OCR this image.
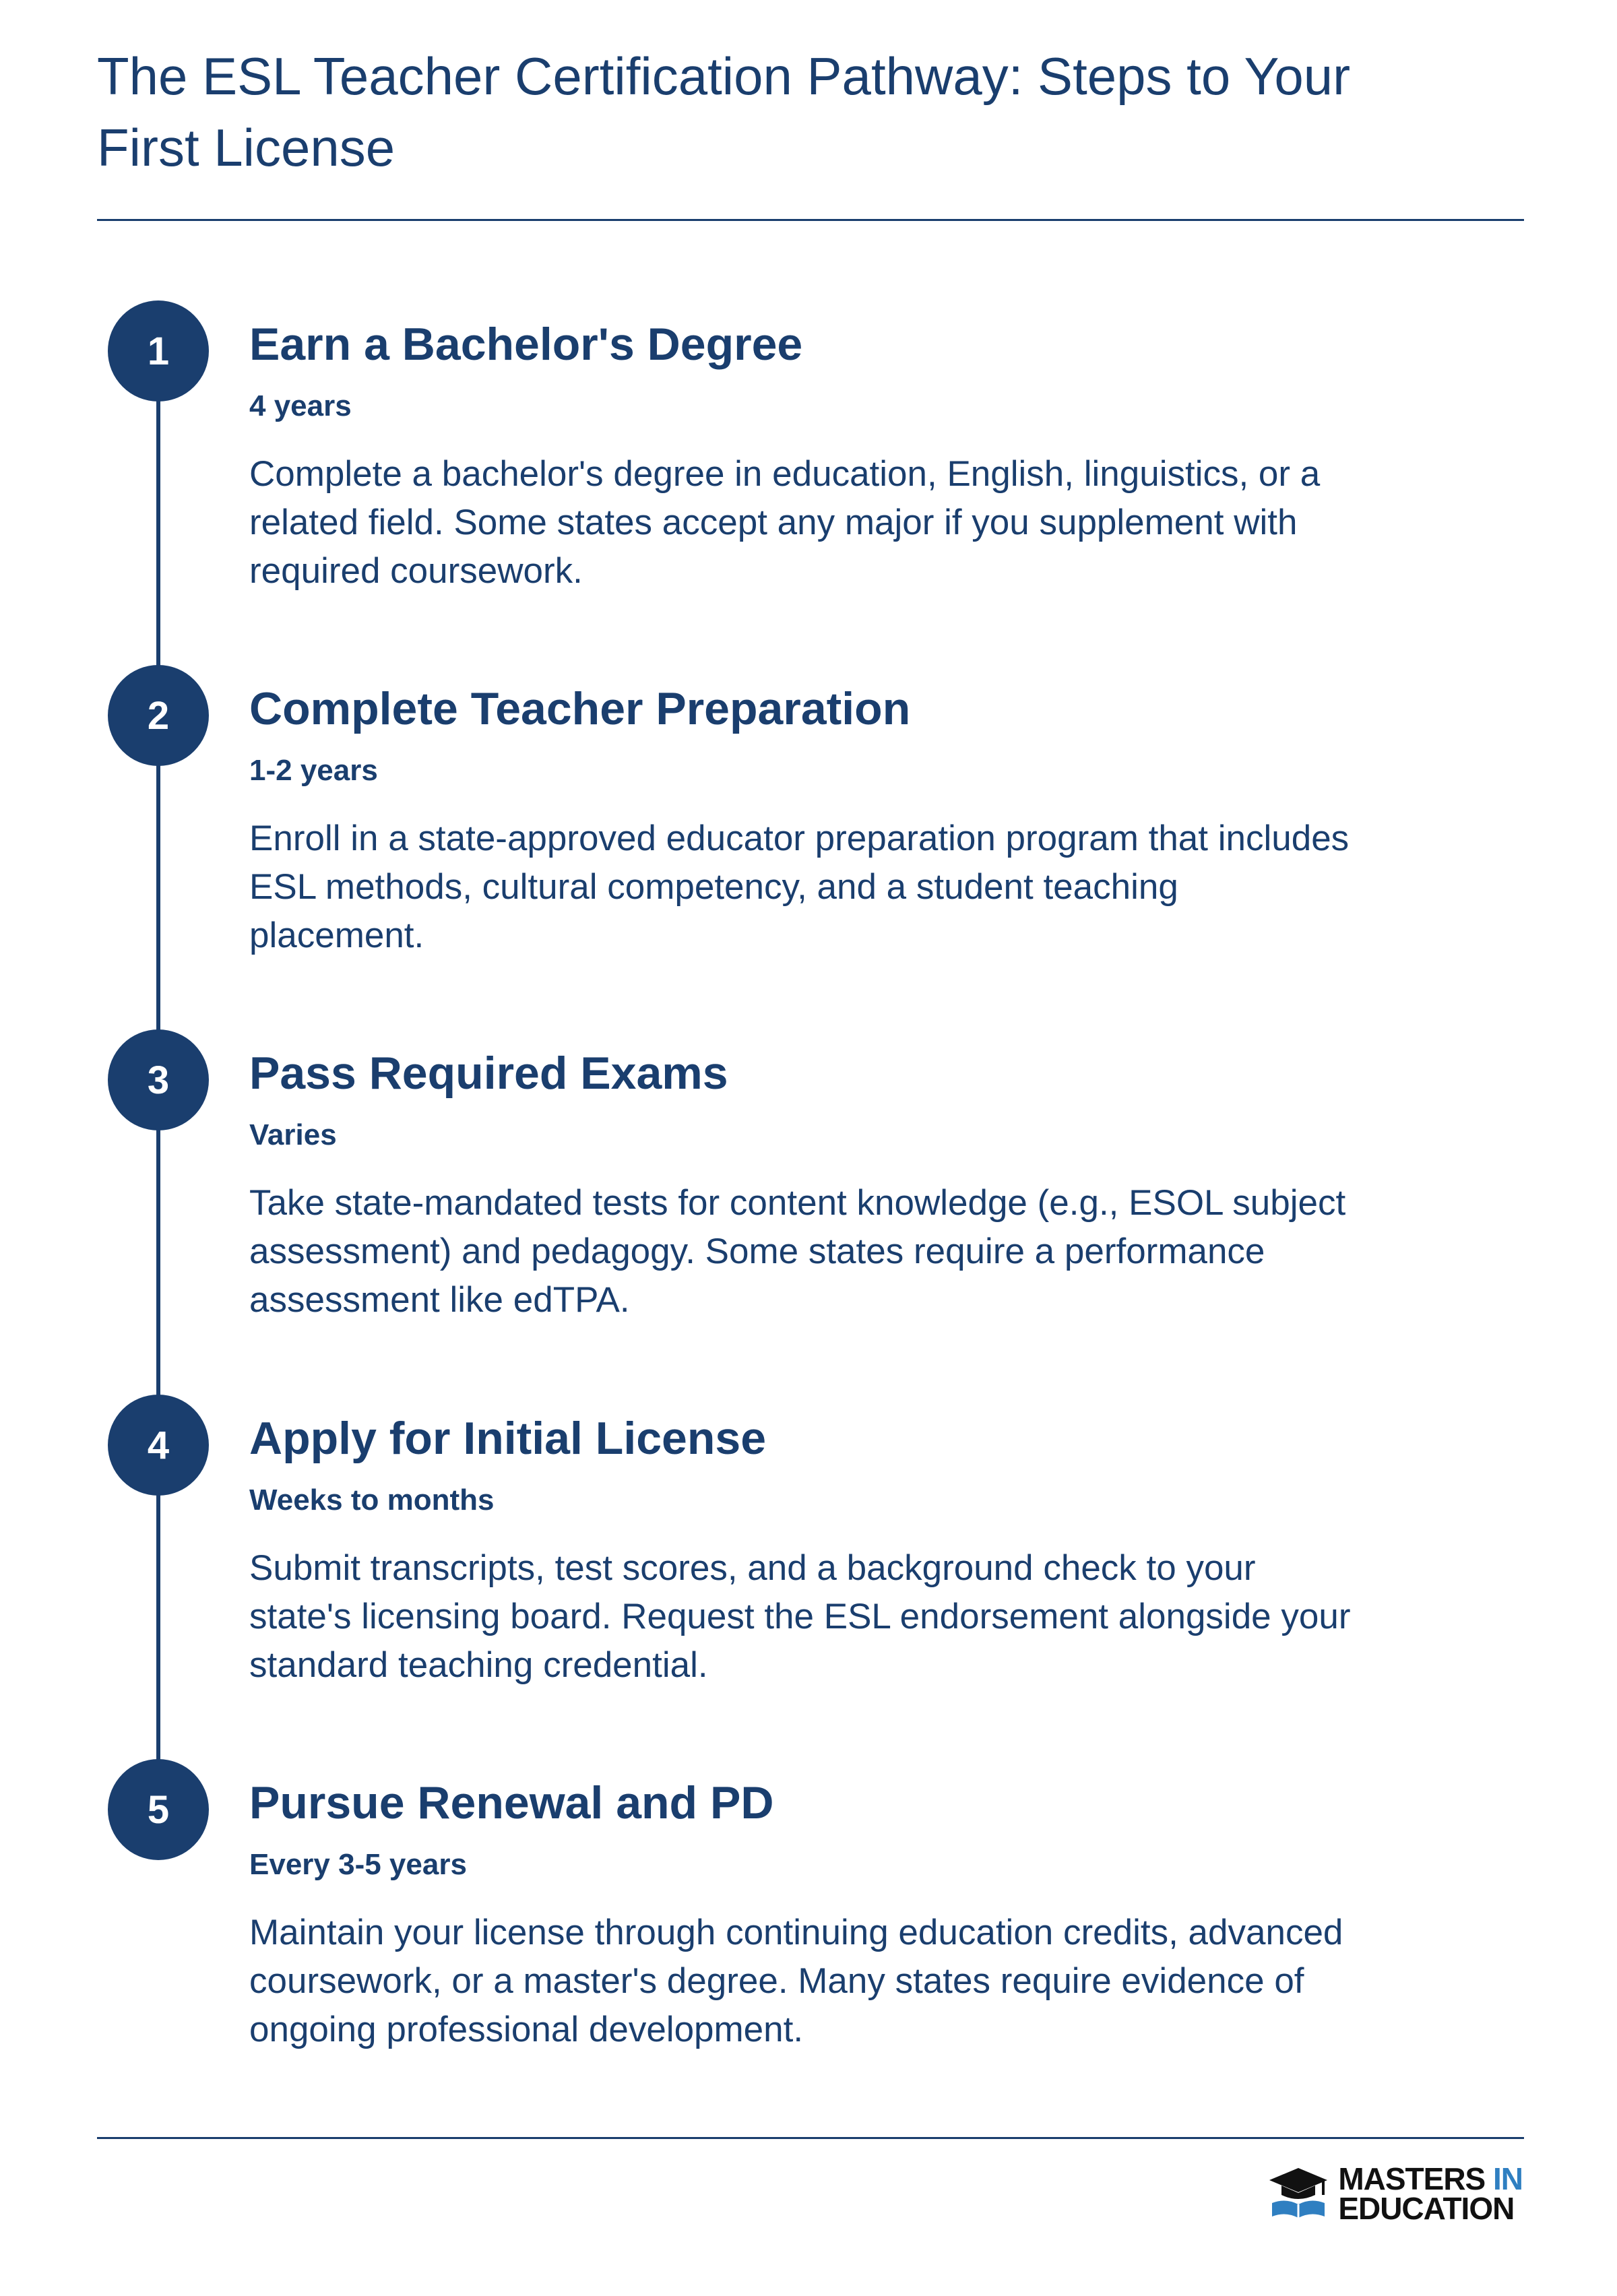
The ESL Teacher Certification Pathway: Steps to Your First License
1	Earn a Bachelor's Degree
4 years
Complete a bachelor's degree in education, English, linguistics, or a related field. Some states accept any major if you supplement with required coursework.
2	Complete Teacher Preparation
1-2 years
Enroll in a state-approved educator preparation program that includes ESL methods, cultural competency, and a student teaching placement.
3	Pass Required Exams
Varies
Take state-mandated tests for content knowledge (e.g., ESOL subject assessment) and pedagogy. Some states require a performance assessment like edTPA.
4	Apply for Initial License
Weeks to months
Submit transcripts, test scores, and a background check to your state's licensing board. Request the ESL endorsement alongside your standard teaching credential.
5	Pursue Renewal and PD
Every 3-5 years
Maintain your license through continuing education credits, advanced coursework, or a master's degree. Many states require evidence of ongoing professional development.
MASTERS IN
EDUCATION
